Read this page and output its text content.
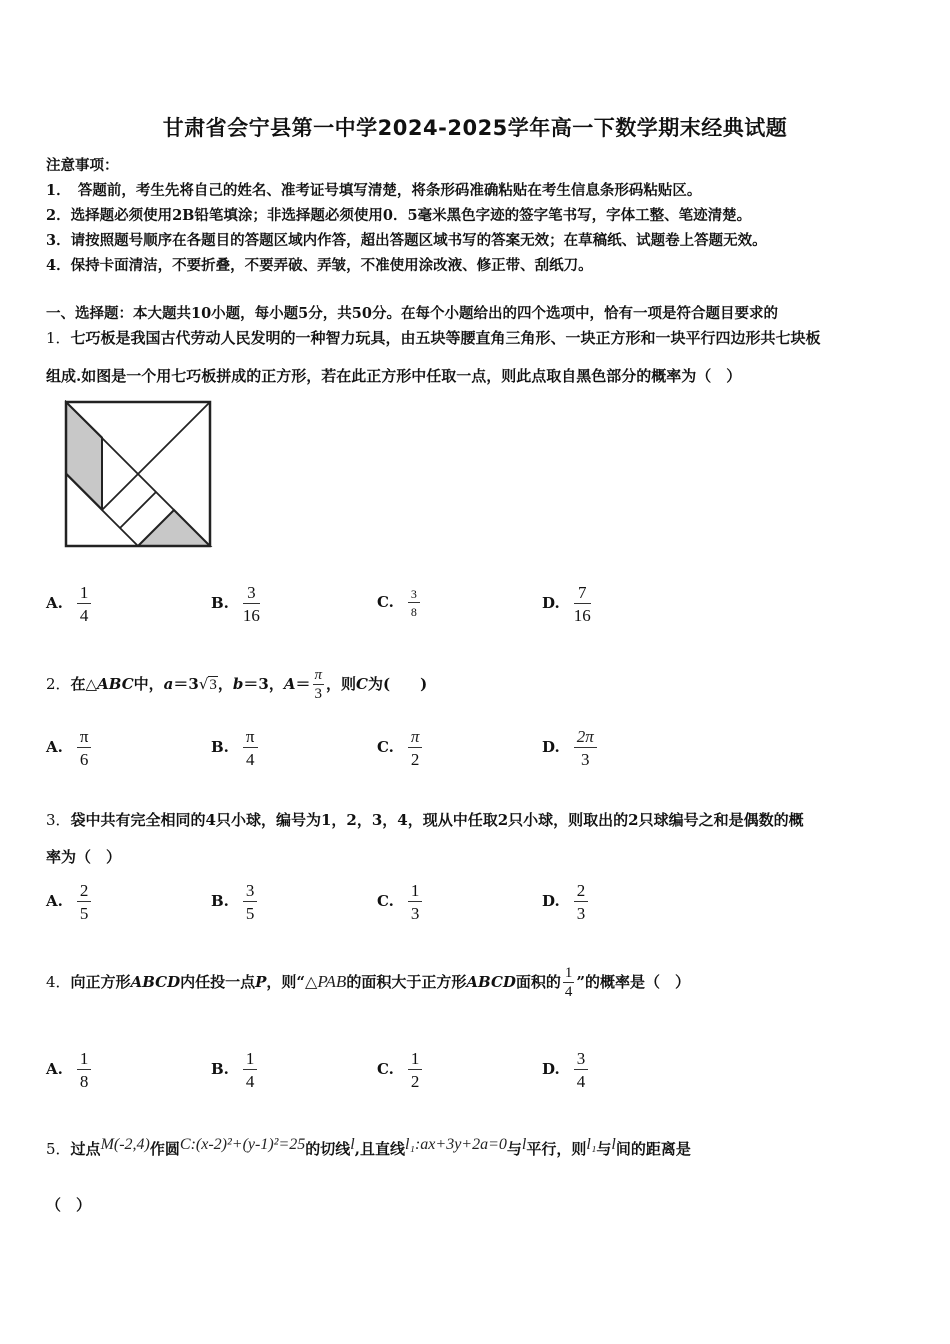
甘肃省会宁县第一中学2024-2025学年高一下数学期末经典试题
注意事项：
1．　答题前，考生先将自己的姓名、准考证号填写清楚，将条形码准确粘贴在考生信息条形码粘贴区。
2．选择题必须使用2B铅笔填涂；非选择题必须使用0．5毫米黑色字迹的签字笔书写，字体工整、笔迹清楚。
3．请按照题号顺序在各题目的答题区域内作答，超出答题区域书写的答案无效；在草稿纸、试题卷上答题无效。
4．保持卡面清洁，不要折叠，不要弄破、弄皱，不准使用涂改液、修正带、刮纸刀。
一、选择题：本大题共10小题，每小题5分，共50分。在每个小题给出的四个选项中，恰有一项是符合题目要求的
1．七巧板是我国古代劳动人民发明的一种智力玩具，由五块等腰直角三角形、一块正方形和一块平行四边形共七块板
组成.如图是一个用七巧板拼成的正方形，若在此正方形中任取一点，则此点取自黑色部分的概率为（　）
A. $\frac{1}{4}$	B. $\frac{3}{16}$	C. $\frac{3}{8}$	D. $\frac{7}{16}$
2．在△ABC中，a＝3√3，b＝3，$A= \frac{\pi}{3}$ ，则C为(　　)
A. $\frac{\pi}{6}$	B. $\frac{\pi}{4}$	C. $\frac{\pi}{2}$	D. $\frac{2\pi}{3}$
3．袋中共有完全相同的4只小球，编号为1，2，3，4，现从中任取2只小球，则取出的2只球编号之和是偶数的概
率为（　）
A. $\frac{2}{5}$	B. $\frac{3}{5}$	C. $\frac{1}{3}$	D. $\frac{2}{3}$
4．向正方形ABCD内任投一点P，则“△PAB的面积大于正方形ABCD面积的 $\frac{1}{4}$ ”的概率是（　）
A. $\frac{1}{8}$	B. $\frac{1}{4}$	C. $\frac{1}{2}$	D. $\frac{3}{4}$
5．过点M(-2,4)作圆C:(x-2)²+(y-1)²=25的切线l,且直线l₁:ax+3y+2a=0与l平行，则l₁与l间的距离是
（　）
